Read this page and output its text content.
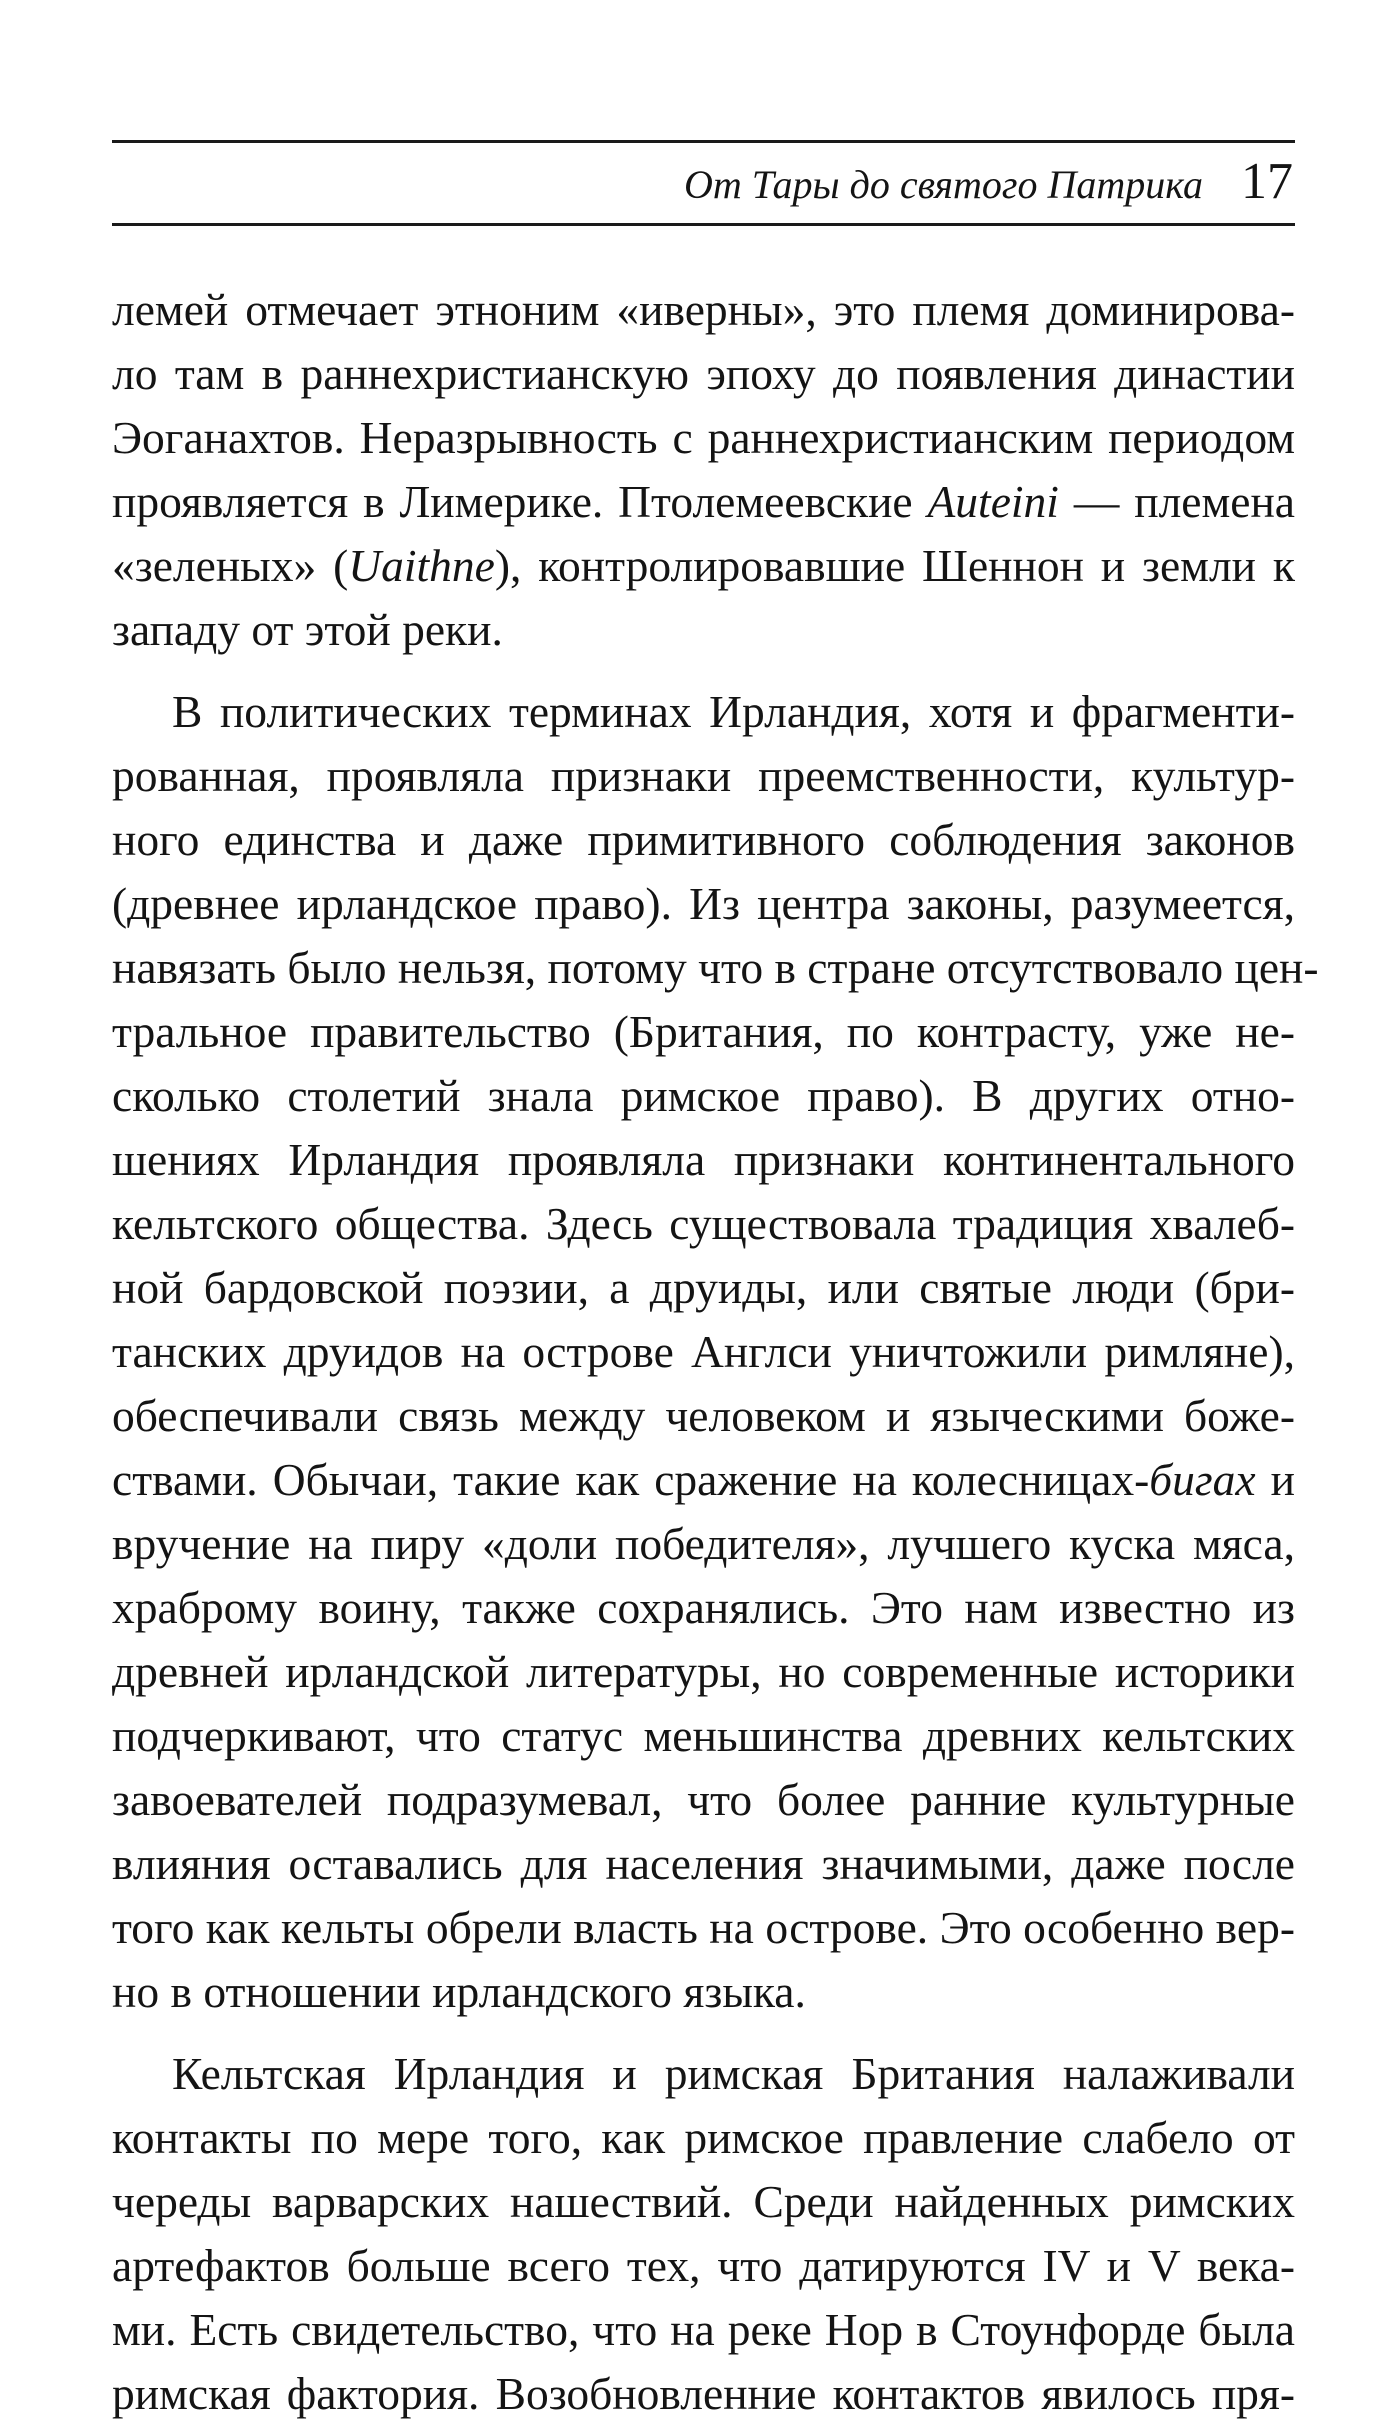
От Тары до святого Патрика 17
лемей отмечает этноним «иверны», это племя доминирова-
ло там в раннехристианскую эпоху до появления династии
Эоганахтов. Неразрывность с раннехристианским периодом
проявляется в Лимерике. Птолемеевские Auteini — племена
«зеленых» (Uaithne), контролировавшие Шеннон и земли к
западу от этой реки.
В политических терминах Ирландия, хотя и фрагменти-
рованная, проявляла признаки преемственности, культур-
ного единства и даже примитивного соблюдения законов
(древнее ирландское право). Из центра законы, разумеется,
навязать было нельзя, потому что в стране отсутствовало цен-
тральное правительство (Британия, по контрасту, уже не-
сколько столетий знала римское право). В других отно-
шениях Ирландия проявляла признаки континентального
кельтского общества. Здесь существовала традиция хвалеб-
ной бардовской поэзии, а друиды, или святые люди (бри-
танских друидов на острове Англси уничтожили римляне),
обеспечивали связь между человеком и языческими боже-
ствами. Обычаи, такие как сражение на колесницах-бигах и
вручение на пиру «доли победителя», лучшего куска мяса,
храброму воину, также сохранялись. Это нам известно из
древней ирландской литературы, но современные историки
подчеркивают, что статус меньшинства древних кельтских
завоевателей подразумевал, что более ранние культурные
влияния оставались для населения значимыми, даже после
того как кельты обрели власть на острове. Это особенно вер-
но в отношении ирландского языка.
Кельтская Ирландия и римская Британия налаживали
контакты по мере того, как римское правление слабело от
череды варварских нашествий. Среди найденных римских
артефактов больше всего тех, что датируются IV и V века-
ми. Есть свидетельство, что на реке Нор в Стоунфорде была
римская фактория. Возобновленние контактов явилось пря-
